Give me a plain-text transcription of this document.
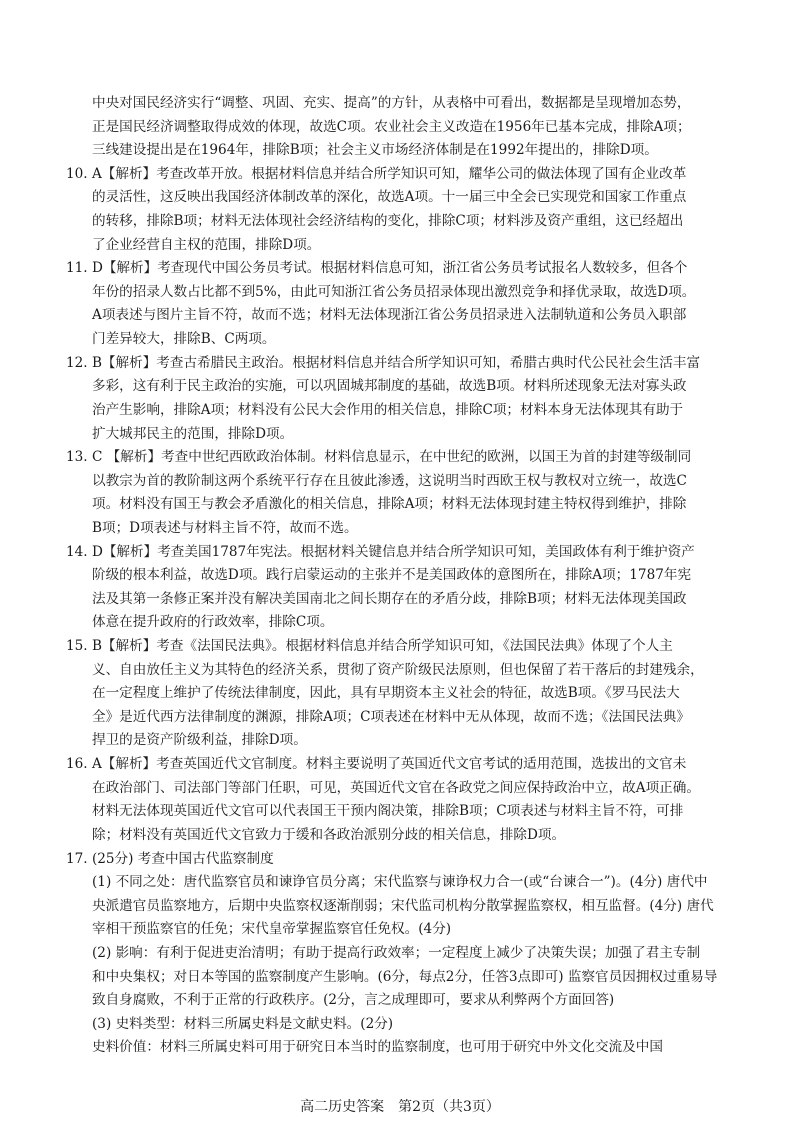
中央对国民经济实行“调整、巩固、充实、提高”的方针，从表格中可看出，数据都是呈现增加态势，
正是国民经济调整取得成效的体现，故选C项。农业社会主义改造在1956年已基本完成，排除A项；
三线建设提出是在1964年，排除B项；社会主义市场经济体制是在1992年提出的，排除D项。
10. A【解析】考查改革开放。根据材料信息并结合所学知识可知，耀华公司的做法体现了国有企业改革
的灵活性，这反映出我国经济体制改革的深化，故选A项。十一届三中全会已实现党和国家工作重点
的转移，排除B项；材料无法体现社会经济结构的变化，排除C项；材料涉及资产重组，这已经超出
了企业经营自主权的范围，排除D项。
11. D【解析】考查现代中国公务员考试。根据材料信息可知，浙江省公务员考试报名人数较多，但各个
年份的招录人数占比都不到5%，由此可知浙江省公务员招录体现出激烈竞争和择优录取，故选D项。
A项表述与图片主旨不符，故而不选；材料无法体现浙江省公务员招录进入法制轨道和公务员入职部
门差异较大，排除B、C两项。
12. B【解析】考查古希腊民主政治。根据材料信息并结合所学知识可知，希腊古典时代公民社会生活丰富
多彩，这有利于民主政治的实施，可以巩固城邦制度的基础，故选B项。材料所述现象无法对寡头政
治产生影响，排除A项；材料没有公民大会作用的相关信息，排除C项；材料本身无法体现其有助于
扩大城邦民主的范围，排除D项。
13. C 【解析】考查中世纪西欧政治体制。材料信息显示，在中世纪的欧洲，以国王为首的封建等级制同
以教宗为首的教阶制这两个系统平行存在且彼此渗透，这说明当时西欧王权与教权对立统一，故选C
项。材料没有国王与教会矛盾激化的相关信息，排除A项；材料无法体现封建主特权得到维护，排除
B项；D项表述与材料主旨不符，故而不选。
14. D【解析】考查美国1787年宪法。根据材料关键信息并结合所学知识可知，美国政体有利于维护资产
阶级的根本利益，故选D项。践行启蒙运动的主张并不是美国政体的意图所在，排除A项；1787年宪
法及其第一条修正案并没有解决美国南北之间长期存在的矛盾分歧，排除B项；材料无法体现美国政
体意在提升政府的行政效率，排除C项。
15. B【解析】考查《法国民法典》。根据材料信息并结合所学知识可知，《法国民法典》体现了个人主
义、自由放任主义为其特色的经济关系，贯彻了资产阶级民法原则，但也保留了若干落后的封建残余，
在一定程度上维护了传统法律制度，因此，具有早期资本主义社会的特征，故选B项。《罗马民法大
全》是近代西方法律制度的渊源，排除A项；C项表述在材料中无从体现，故而不选；《法国民法典》
捍卫的是资产阶级利益，排除D项。
16. A【解析】考查英国近代文官制度。材料主要说明了英国近代文官考试的适用范围，选拔出的文官未
在政治部门、司法部门等部门任职，可见，英国近代文官在各政党之间应保持政治中立，故A项正确。
材料无法体现英国近代文官可以代表国王干预内阁决策，排除B项；C项表述与材料主旨不符，可排
除；材料没有英国近代文官致力于缓和各政治派别分歧的相关信息，排除D项。
17. (25分) 考查中国古代监察制度
(1) 不同之处：唐代监察官员和谏诤官员分离；宋代监察与谏诤权力合一(或“台谏合一”)。(4分) 唐代中
央派遣官员监察地方，后期中央监察权逐渐削弱；宋代监司机构分散掌握监察权，相互监督。(4分) 唐代
宰相干预监察官的任免；宋代皇帝掌握监察官任免权。(4分)
(2) 影响：有利于促进吏治清明；有助于提高行政效率；一定程度上减少了决策失误；加强了君主专制
和中央集权；对日本等国的监察制度产生影响。(6分，每点2分，任答3点即可) 监察官员因拥权过重易导
致自身腐败，不利于正常的行政秩序。(2分，言之成理即可，要求从利弊两个方面回答)
(3) 史料类型：材料三所属史料是文献史料。(2分)
史料价值：材料三所属史料可用于研究日本当时的监察制度，也可用于研究中外文化交流及中国
高二历史答案　第2页（共3页）
